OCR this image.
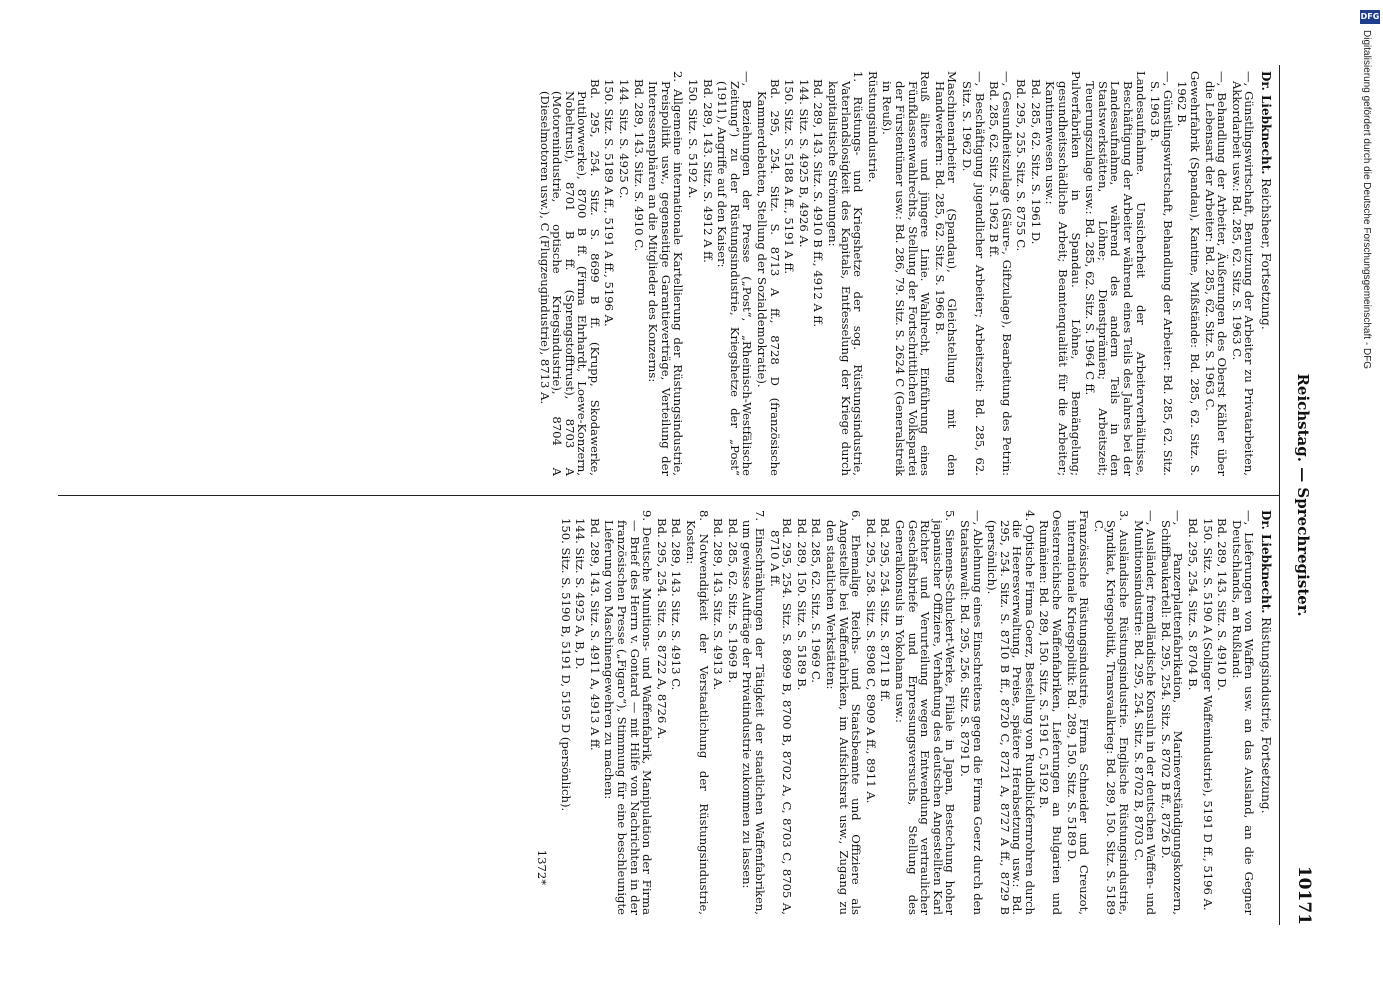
Reichstag. — Sprechregister.
10171
Dr. Liebknecht. Reichsheer, Fortsetzung.

—, Günstlingswirtschaft, Benutzung der Arbeiter zu Privatarbeiten, Akkordarbeit usw.: Bd. 285, 62. Sitz. S. 1963 C.

—, Behandlung der Arbeiter, Äußerungen des Oberst Kähler über die Lebensart der Arbeiter: Bd. 285, 62. Sitz. S. 1963 C.

Gewehrfabrik (Spandau), Kantine, Mißstände: Bd. 285, 62. Sitz. S. 1962 B.

—, Günstlingswirtschaft, Behandlung der Arbeiter: Bd. 285, 62. Sitz. S. 1963 B.

Landesaufnahme. Unsicherheit der Arbeiterverhältnisse, Beschäftigung der Arbeiter während eines Teils des Jahres bei der Landesaufnahme, während des andern Teils in den Staatswerkstätten, Löhne; Dienstprämien; Arbeitszeit; Teuerungszulage usw.: Bd. 285, 62. Sitz. S. 1964 C ff.

Pulverfabriken in Spandau. Löhne, Bemängelung; gesundheitsschädliche Arbeit; Beamtenqualität für die Arbeiter; Kantinenwesen usw.:

Bd. 285, 62. Sitz. S. 1961 D.

Bd. 295, 255. Sitz. S. 8755 C.

—, Gesundheitszulage (Säure-, Giftzulage), Bearbeitung des Petrin: Bd. 285, 62. Sitz. S. 1962 B ff.

—, Beschäftigung jugendlicher Arbeiter; Arbeitszeit: Bd. 285, 62. Sitz. S. 1962 D.

Maschinenarbeiter (Spandau), Gleichstellung mit den Handwerkern: Bd. 285, 62. Sitz. S. 1966 B.

Reuß ältere und jüngere Linie. Wahlrecht, Einführung eines Fünfklassenwahlrechts, Stellung der Fortschrittlichen Volkspartei der Fürstentümer usw.: Bd. 286, 79. Sitz. S. 2624 C (Generalstreik in Reuß).

Rüstungsindustrie.

1. Rüstungs- und Kriegshetze der sog. Rüstungsindustrie, Vaterlandslosigkeit des Kapitals, Entfesselung der Kriege durch kapitalistische Strömungen:

Bd. 289, 143. Sitz. S. 4910 B ff., 4912 A ff.

144. Sitz. S. 4925 B, 4926 A.

150. Sitz. S. 5188 A ff., 5191 A ff.

Bd. 295, 254. Sitz. S. 8713 A ff., 8728 D (französische Kammerdebatten, Stellung der Sozialdemokratie).

—, Beziehungen der Presse („Post“, „Rheinisch-Westfälische Zeitung“) zu der Rüstungsindustrie, Kriegshetze der „Post“ (1911), Angriffe auf den Kaiser:

Bd. 289, 143. Sitz. S. 4912 A ff.

150. Sitz. S. 5192 A.

2. Allgemeine internationale Kartellierung der Rüstungsindustrie, Preispolitik usw., gegenseitige Garantieverträge, Verteilung der Interessensphären an die Mitglieder des Konzerns:

Bd. 289, 143. Sitz. S. 4910 C.

144. Sitz. S. 4925 C.

150. Sitz. S. 5189 A ff., 5191 A ff., 5196 A.

Bd. 295, 254. Sitz. S. 8699 B ff. (Krupp, Skodawerke, Putilowwerke), 8700 B ff. (Firma Ehrhardt, Loewe-Konzern, Nobeltrust), 8701 B ff. (Sprengstofftrust), 8703 A (Motorenindustrie, optische Kriegsindustrie), 8704 A (Dieselmotoren usw.), C (Flugzeugindustrie), 8713 A.

Dr. Liebknecht. Rüstungsindustrie, Fortsetzung.

—, Lieferungen von Waffen usw. an das Ausland, an die Gegner Deutschlands, an Rußland:

Bd. 289, 143. Sitz. S. 4910 D.

150. Sitz. S. 5190 A (Solinger Waffenindustrie), 5191 D ff., 5196 A.

Bd. 295, 254. Sitz. S. 8704 B.

—, Panzerplattenfabrikation, Marineverständigungskonzern, Schiffbaukartell: Bd. 295, 254. Sitz. S. 8702 B ff., 8726 D.

—, Ausländer, fremdländische Konsuln in der deutschen Waffen- und Munitionsindustrie: Bd. 295, 254. Sitz. S. 8702 B, 8703 C.

3. Ausländische Rüstungsindustrie. Englische Rüstungsindustrie, Syndikat, Kriegspolitik, Transvaalkrieg: Bd. 289, 150. Sitz. S. 5189 C.

Französische Rüstungsindustrie, Firma Schneider und Creuzot, internationale Kriegspolitik: Bd. 289, 150. Sitz. S. 5189 D.

Oesterreichische Waffenfabriken, Lieferungen an Bulgarien und Rumänien: Bd. 289, 150. Sitz. S. 5191 C, 5192 B.

4. Optische Firma Goerz, Bestellung von Rundblickfernrohren durch die Heeresverwaltung, Preise, spätere Herabsetzung usw.: Bd. 295, 254. Sitz. S. 8710 B ff., 8720 C, 8721 A, 8727 A ff., 8729 B (persönlich).

—, Ablehnung eines Einschreitens gegen die Firma Goerz durch den Staatsanwalt: Bd. 295, 256. Sitz. S. 8791 D.

5. Siemens-Schuckert-Werke, Filiale in Japan, Bestechung hoher japanischer Offiziere, Verhaftung des deutschen Angestellten Karl Richter und Verurteilung wegen Entwendung vertraulicher Geschäftsbriefe und Erpressungsversuchs, Stellung des Generalkonsuls in Yokohama usw.:

Bd. 295, 254. Sitz. S. 8711 B ff.

Bd. 295, 258. Sitz. S. 8908 C, 8909 A ff., 8911 A.

6. Ehemalige Reichs- und Staatsbeamte und Offiziere als Angestellte bei Waffenfabriken, im Aufsichtsrat usw., Zugang zu den staatlichen Werkstätten:

Bd. 285, 62. Sitz. S. 1969 C.

Bd. 289, 150. Sitz. S. 5189 B.

Bd. 295, 254. Sitz. S. 8699 B, 8700 B, 8702 A, C, 8703 C, 8705 A, 8710 A ff.

7. Einschränkungen der Tätigkeit der staatlichen Waffenfabriken, um gewisse Aufträge der Privatindustrie zukommen zu lassen:

Bd. 285, 62. Sitz. S. 1969 B.

Bd. 289, 143. Sitz. S. 4913 A.

8. Notwendigkeit der Verstaatlichung der Rüstungsindustrie, Kosten:

Bd. 289, 143. Sitz. S. 4913 C.

Bd. 295, 254. Sitz. S. 8722 A, 8726 A.

9. Deutsche Munitions- und Waffenfabrik, Manipulation der Firma — Brief des Herrn v. Gontard — mit Hilfe von Nachrichten in der französischen Presse („Figaro“), Stimmung für eine beschleunigte Lieferung von Maschinengewehren zu machen:

Bd. 289, 143. Sitz. S. 4911 A, 4913 A ff.

144. Sitz. S. 4925 A, B, D.

150. Sitz. S. 5190 B, 5191 D, 5195 D (persönlich).

1372*

DFG
Digitalisierung gefördert durch die Deutsche Forschungsgemeinschaft - DFG
